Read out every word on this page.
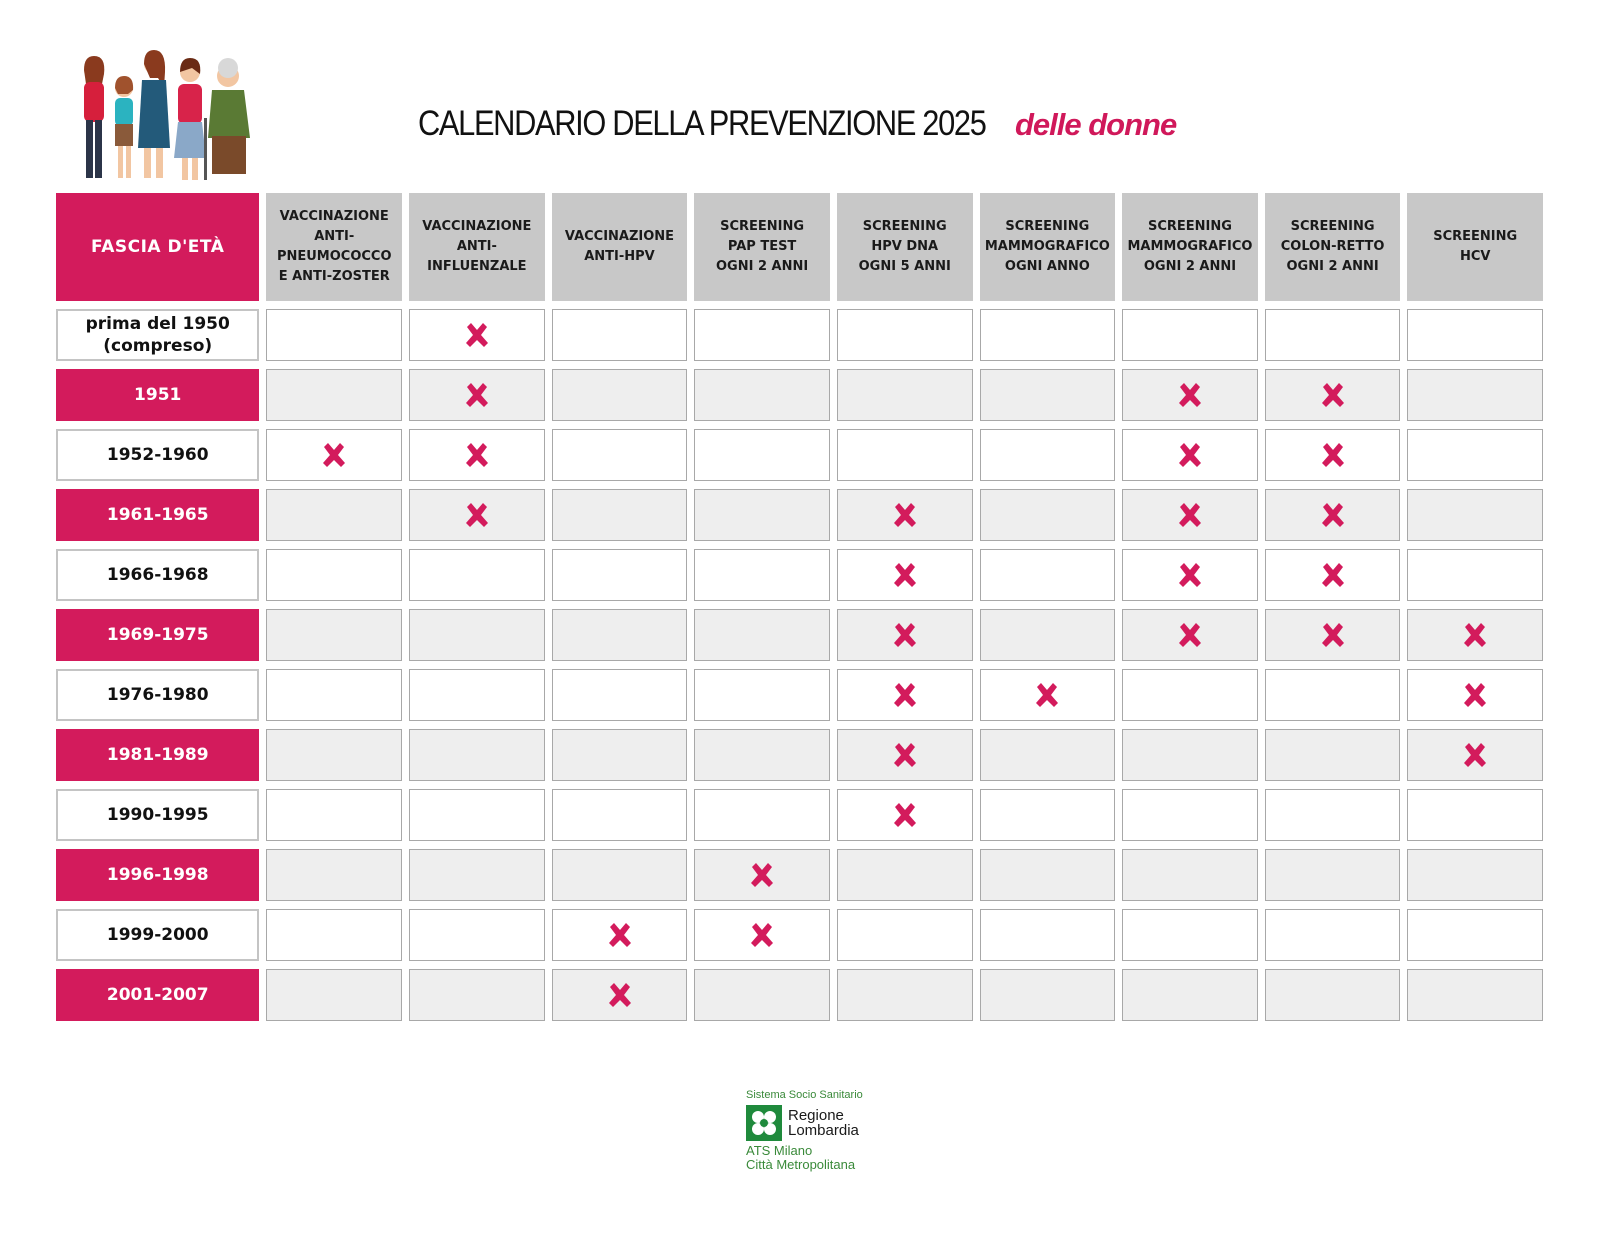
CALENDARIO DELLA PREVENZIONE 2025 delle donne
FASCIA D'ETÀ
VACCINAZIONE
ANTI-
PNEUMOCOCCO
E ANTI-ZOSTER
VACCINAZIONE
ANTI-
INFLUENZALE
VACCINAZIONE
ANTI-HPV
SCREENING
PAP TEST
OGNI 2 ANNI
SCREENING
HPV DNA
OGNI 5 ANNI
SCREENING
MAMMOGRAFICO
OGNI ANNO
SCREENING
MAMMOGRAFICO
OGNI 2 ANNI
SCREENING
COLON-RETTO
OGNI 2 ANNI
SCREENING
HCV
prima del 1950
(compreso)
1951
1952-1960
1961-1965
1966-1968
1969-1975
1976-1980
1981-1989
1990-1995
1996-1998
1999-2000
2001-2007
Sistema Socio Sanitario
Regione
Lombardia
ATS Milano
Città Metropolitana
